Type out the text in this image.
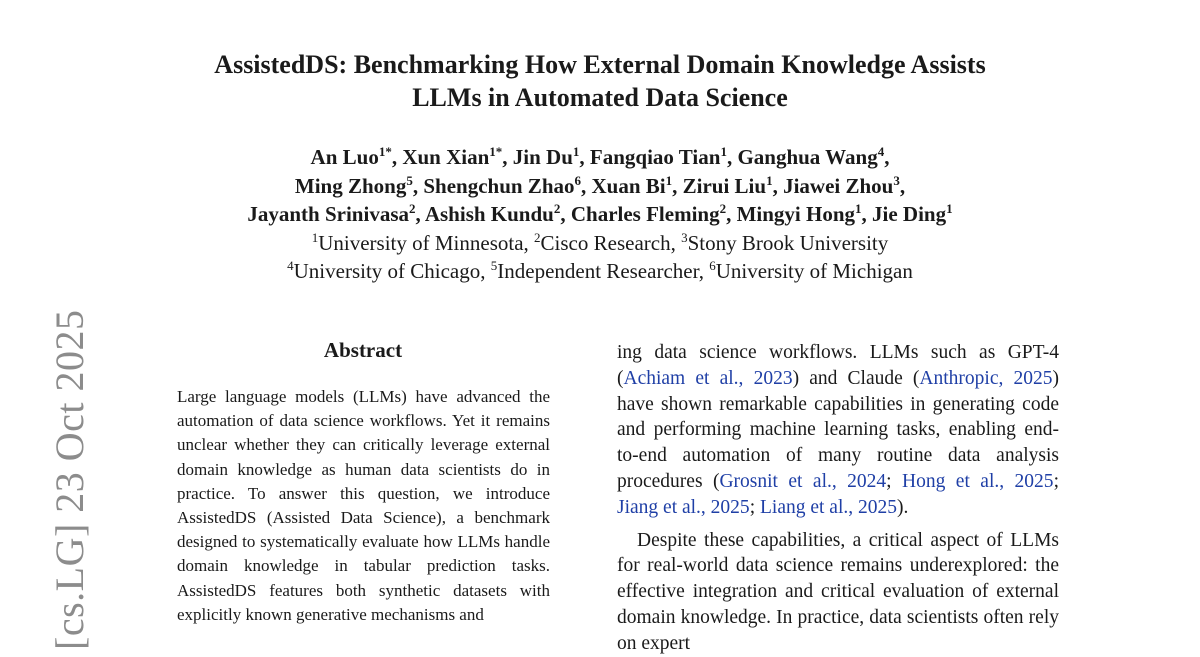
[cs.LG] 23 Oct 2025
AssistedDS: Benchmarking How External Domain Knowledge Assists
LLMs in Automated Data Science
An Luo$^{1*}$, Xun Xian$^{1*}$, Jin Du$^1$, Fangqiao Tian$^1$, Ganghua Wang$^4$,
Ming Zhong$^5$, Shengchun Zhao$^6$, Xuan Bi$^1$, Zirui Liu$^1$, Jiawei Zhou$^3$,
Jayanth Srinivasa$^2$, Ashish Kundu$^2$, Charles Fleming$^2$, Mingyi Hong$^1$, Jie Ding$^1$
$^1$University of Minnesota, $^2$Cisco Research, $^3$Stony Brook University
$^4$University of Chicago, $^5$Independent Researcher, $^6$University of Michigan
Abstract
Large language models (LLMs) have advanced the automation of data science workflows. Yet it remains unclear whether they can critically leverage external domain knowledge as human data scientists do in practice. To answer this question, we introduce AssistedDS (Assisted Data Science), a benchmark designed to systematically evaluate how LLMs handle domain knowledge in tabular prediction tasks. AssistedDS features both synthetic datasets with explicitly known generative mechanisms and

ing data science workflows. LLMs such as GPT-4 (Achiam et al., 2023) and Claude (Anthropic, 2025) have shown remarkable capabilities in generating code and performing machine learning tasks, enabling end-to-end automation of many routine data analysis procedures (Grosnit et al., 2024; Hong et al., 2025; Jiang et al., 2025; Liang et al., 2025).

Despite these capabilities, a critical aspect of LLMs for real-world data science remains underexplored: the effective integration and critical evaluation of external domain knowledge. In practice, data scientists often rely on expert
